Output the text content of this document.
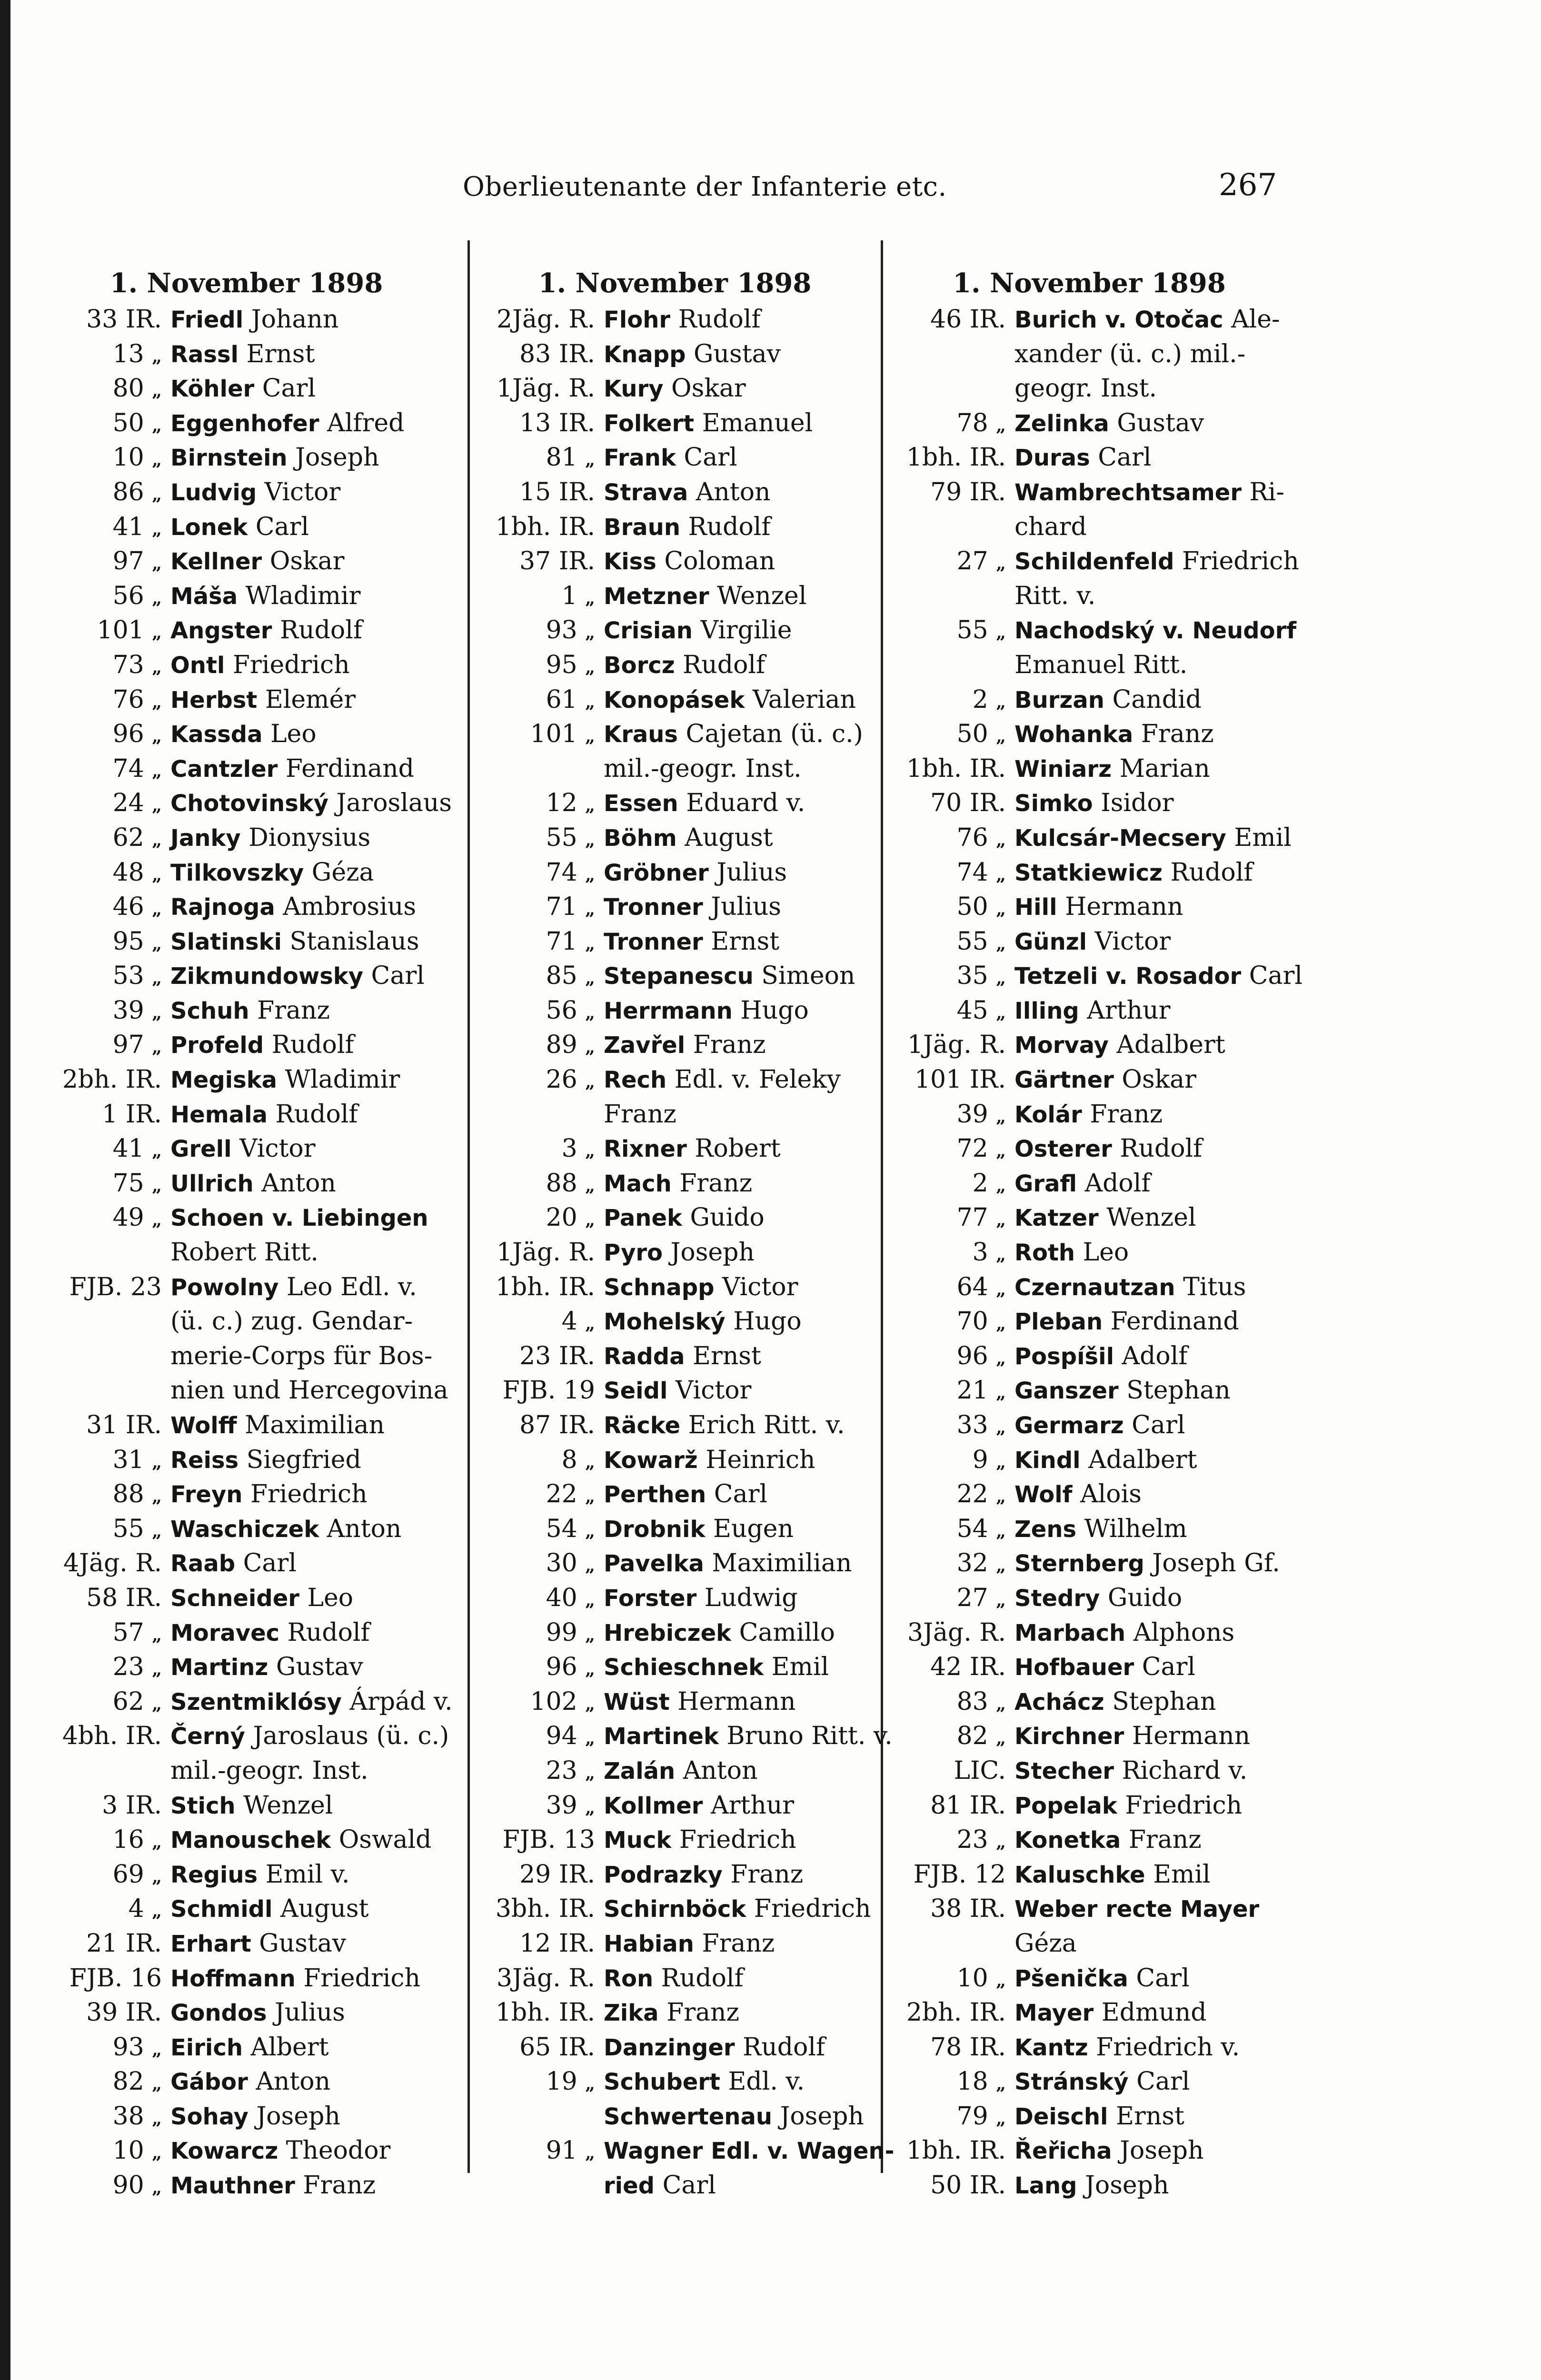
Oberlieutenante der Infanterie etc.	267
1. November 1898
33 IR. Friedl Johann
13 „ Rassl Ernst
80 „ Köhler Carl
50 „ Eggenhofer Alfred
10 „ Birnstein Joseph
86 „ Ludvig Victor
41 „ Lonek Carl
97 „ Kellner Oskar
56 „ Máša Wladimir
101 „ Angster Rudolf
73 „ Ontl Friedrich
76 „ Herbst Elemér
96 „ Kassda Leo
74 „ Cantzler Ferdinand
24 „ Chotovinský Jaroslaus
62 „ Janky Dionysius
48 „ Tilkovszky Géza
46 „ Rajnoga Ambrosius
95 „ Slatinski Stanislaus
53 „ Zikmundowsky Carl
39 „ Schuh Franz
97 „ Profeld Rudolf
2bh. IR. Megiska Wladimir
1 IR. Hemala Rudolf
41 „ Grell Victor
75 „ Ullrich Anton
49 „ Schoen v. Liebingen
Robert Ritt.
FJB. 23 Powolny Leo Edl. v.
(ü. c.) zug. Gendar-
merie-Corps für Bos-
nien und Hercegovina
31 IR. Wolff Maximilian
31 „ Reiss Siegfried
88 „ Freyn Friedrich
55 „ Waschiczek Anton
4Jäg. R. Raab Carl
58 IR. Schneider Leo
57 „ Moravec Rudolf
23 „ Martinz Gustav
62 „ Szentmiklósy Árpád v.
4bh. IR. Černý Jaroslaus (ü. c.)
mil.-geogr. Inst.
3 IR. Stich Wenzel
16 „ Manouschek Oswald
69 „ Regius Emil v.
4 „ Schmidl August
21 IR. Erhart Gustav
FJB. 16 Hoffmann Friedrich
39 IR. Gondos Julius
93 „ Eirich Albert
82 „ Gábor Anton
38 „ Sohay Joseph
10 „ Kowarcz Theodor
90 „ Mauthner Franz
1. November 1898
2Jäg. R. Flohr Rudolf
83 IR. Knapp Gustav
1Jäg. R. Kury Oskar
13 IR. Folkert Emanuel
81 „ Frank Carl
15 IR. Strava Anton
1bh. IR. Braun Rudolf
37 IR. Kiss Coloman
1 „ Metzner Wenzel
93 „ Crisian Virgilie
95 „ Borcz Rudolf
61 „ Konopásek Valerian
101 „ Kraus Cajetan (ü. c.)
mil.-geogr. Inst.
12 „ Essen Eduard v.
55 „ Böhm August
74 „ Gröbner Julius
71 „ Tronner Julius
71 „ Tronner Ernst
85 „ Stepanescu Simeon
56 „ Herrmann Hugo
89 „ Zavřel Franz
26 „ Rech Edl. v. Feleky
Franz
3 „ Rixner Robert
88 „ Mach Franz
20 „ Panek Guido
1Jäg. R. Pyro Joseph
1bh. IR. Schnapp Victor
4 „ Mohelský Hugo
23 IR. Radda Ernst
FJB. 19 Seidl Victor
87 IR. Räcke Erich Ritt. v.
8 „ Kowarž Heinrich
22 „ Perthen Carl
54 „ Drobnik Eugen
30 „ Pavelka Maximilian
40 „ Forster Ludwig
99 „ Hrebiczek Camillo
96 „ Schieschnek Emil
102 „ Wüst Hermann
94 „ Martinek Bruno Ritt. v.
23 „ Zalán Anton
39 „ Kollmer Arthur
FJB. 13 Muck Friedrich
29 IR. Podrazky Franz
3bh. IR. Schirnböck Friedrich
12 IR. Habian Franz
3Jäg. R. Ron Rudolf
1bh. IR. Zika Franz
65 IR. Danzinger Rudolf
19 „ Schubert Edl. v.
Schwertenau Joseph
91 „ Wagner Edl. v. Wagen-
ried Carl
1. November 1898
46 IR. Burich v. Otočac Ale-
xander (ü. c.) mil.-
geogr. Inst.
78 „ Zelinka Gustav
1bh. IR. Duras Carl
79 IR. Wambrechtsamer Ri-
chard
27 „ Schildenfeld Friedrich
Ritt. v.
55 „ Nachodský v. Neudorf
Emanuel Ritt.
2 „ Burzan Candid
50 „ Wohanka Franz
1bh. IR. Winiarz Marian
70 IR. Simko Isidor
76 „ Kulcsár-Mecsery Emil
74 „ Statkiewicz Rudolf
50 „ Hill Hermann
55 „ Günzl Victor
35 „ Tetzeli v. Rosador Carl
45 „ Illing Arthur
1Jäg. R. Morvay Adalbert
101 IR. Gärtner Oskar
39 „ Kolár Franz
72 „ Osterer Rudolf
2 „ Grafl Adolf
77 „ Katzer Wenzel
3 „ Roth Leo
64 „ Czernautzan Titus
70 „ Pleban Ferdinand
96 „ Pospíšil Adolf
21 „ Ganszer Stephan
33 „ Germarz Carl
9 „ Kindl Adalbert
22 „ Wolf Alois
54 „ Zens Wilhelm
32 „ Sternberg Joseph Gf.
27 „ Stedry Guido
3Jäg. R. Marbach Alphons
42 IR. Hofbauer Carl
83 „ Achácz Stephan
82 „ Kirchner Hermann
LIC. Stecher Richard v.
81 IR. Popelak Friedrich
23 „ Konetka Franz
FJB. 12 Kaluschke Emil
38 IR. Weber recte Mayer
Géza
10 „ Pšenička Carl
2bh. IR. Mayer Edmund
78 IR. Kantz Friedrich v.
18 „ Stránský Carl
79 „ Deischl Ernst
1bh. IR. Řeřicha Joseph
50 IR. Lang Joseph
